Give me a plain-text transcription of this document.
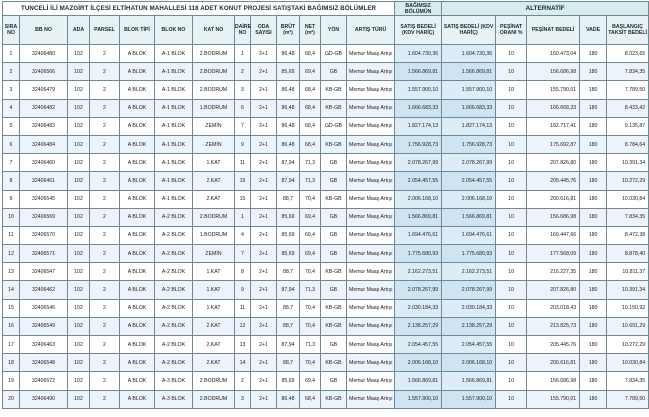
TUNCELİ İLİ MAZGİRT İLÇESİ ELTİHATUN MAHALLESİ 118 ADET KONUT PROJESİ SATIŞTAKİ BAĞIMSIZ BÖLÜMLER													BAĞIMSIZ BÖLÜMÜN	ALTERNATİF				
SIRA NO	BB NO	ADA	PARSEL	BLOK TİPİ	BLOK NO	KAT NO	DAİRE NO	ODA SAYISI	BRÜT (m²)	NET (m²)	YÖN	ARTIŞ TÜRÜ	SATIŞ BEDELİ (KDV HARİÇ)	SATIŞ BEDELİ (KDV HARİÇ)	PEŞİNAT ORANI %	PEŞİNAT BEDELİ	VADE	BAŞLANGIÇ TAKSİT BEDELİ
1	32406480	102	2	A BLOK	A-1 BLOK	2.BODRUM	1	2+1	86,48	68,4	GD-GB	Memur Maaş Artışı	1.604.730,36	1.604.730,36	10	160.473,04	180	8.023,65
2	32406566	102	2	A BLOK	A-1 BLOK	2.BODRUM	2	2+1	85,69	69,4	GB	Memur Maaş Artışı	1.566.869,81	1.566.869,81	10	156.686,98	180	7.834,35
3	32406479	102	2	A BLOK	A-1 BLOK	2.BODRUM	3	2+1	86,48	68,4	KB-GB	Memur Maaş Artışı	1.557.900,10	1.557.900,10	10	155.790,01	180	7.789,50
4	32406482	102	2	A BLOK	A-1 BLOK	1.BODRUM	6	2+1	86,48	68,4	KB-GB	Memur Maaş Artışı	1.666.683,33	1.666.683,33	10	166.668,33	180	8.433,42
5	32406483	102	2	A BLOK	A-1 BLOK	ZEMİN	7	2+1	86,48	68,4	GD-GB	Memur Maaş Artışı	1.827.174,13	1.827.174,13	10	182.717,41	180	9.135,87
6	32406484	102	2	A BLOK	A-1 BLOK	ZEMİN	9	2+1	86,48	68,4	KB-GB	Memur Maaş Artışı	1.756.928,73	1.756.928,73	10	175.692,87	180	8.784,64
7	32406460	102	2	A BLOK	A-1 BLOK	1.KAT	11	2+1	87,94	71,3	GB	Memur Maaş Artışı	2.078.267,99	2.078.267,99	10	207.826,80	180	10.391,34
8	32406461	102	2	A BLOK	A-1 BLOK	2.KAT	15	2+1	87,94	71,3	GB	Memur Maaş Artışı	2.054.457,55	2.054.457,55	10	205.445,76	180	10.272,29
9	32406545	102	2	A BLOK	A-1 BLOK	2.KAT	15	2+1	88,7	70,4	KB-GB	Memur Maaş Artışı	2.006.168,10	2.006.168,10	10	200.616,81	180	10.030,84
10	32406569	102	2	A BLOK	A-2 BLOK	2.BODRUM	1	2+1	85,69	69,4	GB	Memur Maaş Artışı	1.566.869,81	1.566.869,81	10	156.686,98	180	7.834,35
11	32406570	102	2	A BLOK	A-2 BLOK	1.BODRUM	4	2+1	85,69	69,4	GB	Memur Maaş Artışı	1.694.476,61	1.694.476,61	10	169.447,66	180	8.472,38
12	32406571	102	2	A BLOK	A-2 BLOK	ZEMİN	7	2+1	85,69	69,4	GB	Memur Maaş Artışı	1.775.680,93	1.775.680,93	10	177.568,09	180	8.878,40
13	32406547	102	2	A BLOK	A-2 BLOK	1.KAT	8	2+1	88,7	70,4	KB-GB	Memur Maaş Artışı	2.162.273,51	2.162.273,51	10	216.227,35	180	10.811,37
14	32406462	102	2	A BLOK	A-2 BLOK	1.KAT	9	2+1	87,94	71,3	GB	Memur Maaş Artışı	2.078.267,99	2.078.267,99	10	207.826,80	180	10.391,34
15	32406546	102	2	A BLOK	A-2 BLOK	1.KAT	11	2+1	88,7	70,4	KB-GB	Memur Maaş Artışı	2.030.184,33	2.030.184,33	10	203.018,43	180	10.150,92
16	32406549	102	2	A BLOK	A-2 BLOK	2.KAT	12	2+1	88,7	70,4	KB-GB	Memur Maaş Artışı	2.138.257,29	2.138.257,29	10	213.825,73	180	10.691,29
17	32406463	102	2	A BLOK	A-2 BLOK	2.KAT	13	2+1	87,94	71,3	GB	Memur Maaş Artışı	2.054.457,55	2.054.457,55	10	205.445,76	180	10.272,29
18	32406548	102	2	A BLOK	A-2 BLOK	2.KAT	14	2+1	88,7	70,4	KB-GB	Memur Maaş Artışı	2.006.168,10	2.006.168,10	10	200.616,81	180	10.030,84
19	32406572	102	2	A BLOK	A-3 BLOK	2.BODRUM	2	2+1	85,69	69,4	GB	Memur Maaş Artışı	1.566.869,81	1.566.869,81	10	156.686,98	180	7.834,35
20	32406490	102	2	A BLOK	A-3 BLOK	2.BODRUM	3	2+1	86,48	68,4	KB-GB	Memur Maaş Artışı	1.557.900,10	1.557.900,10	10	155.790,01	180	7.789,50
